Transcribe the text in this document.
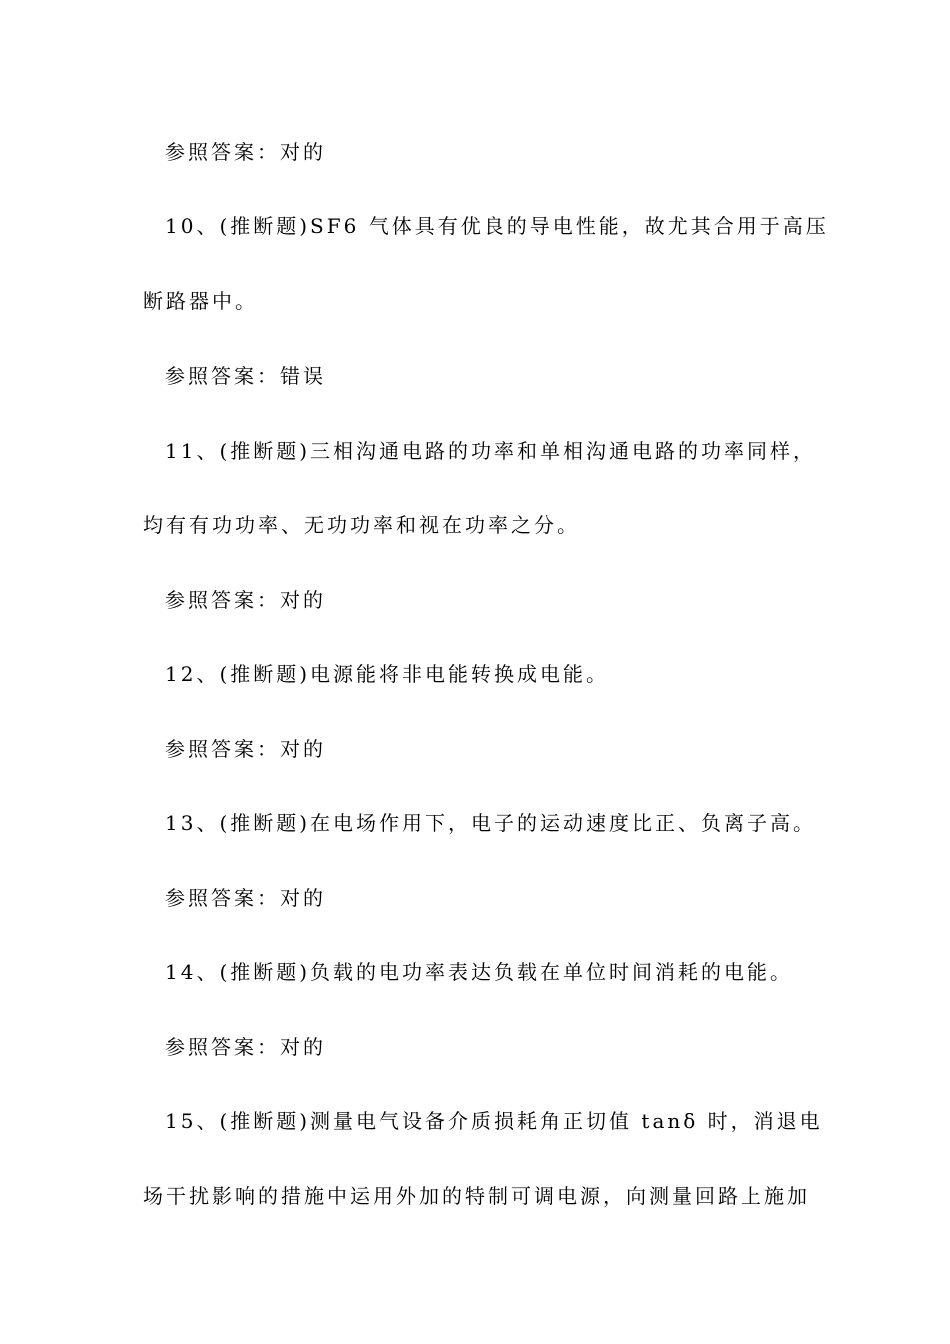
参照答案：对的
10、(推断题)SF6 气体具有优良的导电性能，故尤其合用于高压
断路器中。
参照答案：错误
11、(推断题)三相沟通电路的功率和单相沟通电路的功率同样，
均有有功功率、无功功率和视在功率之分。
参照答案：对的
12、(推断题)电源能将非电能转换成电能。
参照答案：对的
13、(推断题)在电场作用下，电子的运动速度比正、负离子高。
参照答案：对的
14、(推断题)负载的电功率表达负载在单位时间消耗的电能。
参照答案：对的
15、(推断题)测量电气设备介质损耗角正切值 tanδ 时，消退电
场干扰影响的措施中运用外加的特制可调电源，向测量回路上施加
